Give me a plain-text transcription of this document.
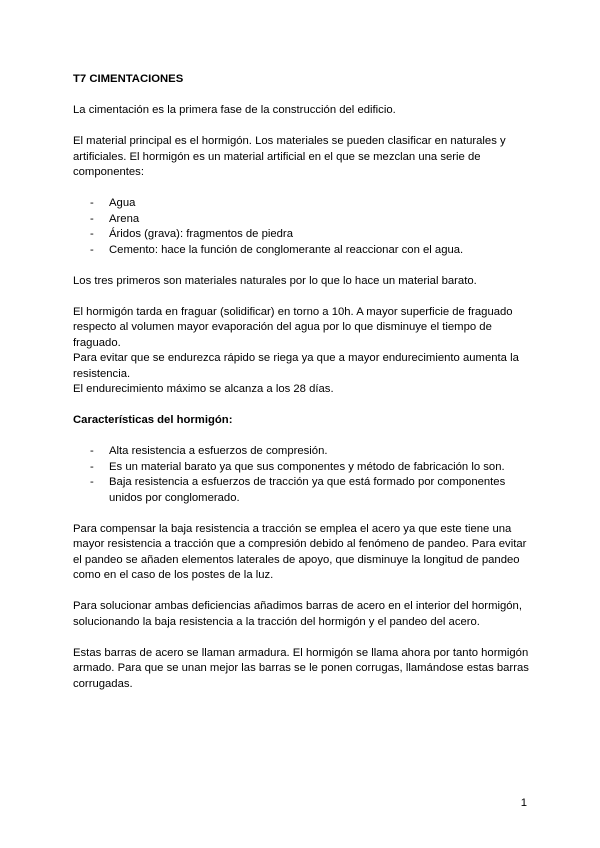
T7 CIMENTACIONES

La cimentación es la primera fase de la construcción del edificio.

El material principal es el hormigón. Los materiales se pueden clasificar en naturales y artificiales. El hormigón es un material artificial en el que se mezclan una serie de componentes:

- Agua
- Arena
- Áridos (grava): fragmentos de piedra
- Cemento: hace la función de conglomerante al reaccionar con el agua.

Los tres primeros son materiales naturales por lo que lo hace un material barato.

El hormigón tarda en fraguar (solidificar) en torno a 10h. A mayor superficie de fraguado respecto al volumen mayor evaporación del agua por lo que disminuye el tiempo de fraguado.

Para evitar que se endurezca rápido se riega ya que a mayor endurecimiento aumenta la resistencia.

El endurecimiento máximo se alcanza a los 28 días.

Características del hormigón:

- Alta resistencia a esfuerzos de compresión.
- Es un material barato ya que sus componentes y método de fabricación lo son.
- Baja resistencia a esfuerzos de tracción ya que está formado por componentes unidos por conglomerado.

Para compensar la baja resistencia a tracción se emplea el acero ya que este tiene una mayor resistencia a tracción que a compresión debido al fenómeno de pandeo. Para evitar el pandeo se añaden elementos laterales de apoyo, que disminuye la longitud de pandeo como en el caso de los postes de la luz.

Para solucionar ambas deficiencias añadimos barras de acero en el interior del hormigón, solucionando la baja resistencia a la tracción del hormigón y el pandeo del acero.

Estas barras de acero se llaman armadura. El hormigón se llama ahora por tanto hormigón armado. Para que se unan mejor las barras se le ponen corrugas, llamándose estas barras corrugadas.

1
